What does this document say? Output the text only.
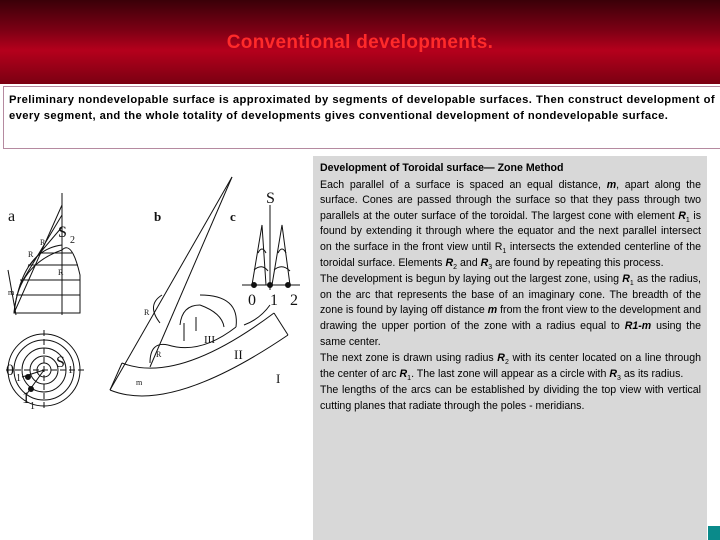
Conventional developments.
Preliminary nondevelopable surface is approximated by segments of developable surfaces. Then construct development of every segment, and the whole totality of developments gives conventional development of nondevelopable surface.
a
S 2
R
R
m
S 1
0 1
1 1
b
R
R
m
III
II
I
R
c
S
0 1 2

Development of Toroidal surface— Zone Method

Each parallel of a surface is spaced an equal distance, m, apart along the surface. Cones are passed through the surface so that they pass through two parallels at the outer surface of the toroidal. The largest cone with element $R_1$ is found by extending it through where the equator and the next parallel intersect on the surface in the front view until $R_1$ intersects the extended centerline of the toroidal surface. Elements $R_2$ and $R_3$ are found by repeating this process.

The development is begun by laying out the largest zone, using $R_1$ as the radius, on the arc that represents the base of an imaginary cone. The breadth of the zone is found by laying off distance m from the front view to the development and drawing the upper portion of the zone with a radius equal to R1-m using the same center.

The next zone is drawn using radius $R_2$ with its center located on a line through the center of arc $R_1$. The last zone will appear as a circle with $R_3$ as its radius.

The lengths of the arcs can be established by dividing the top view with vertical cutting planes that radiate through the poles - meridians.
